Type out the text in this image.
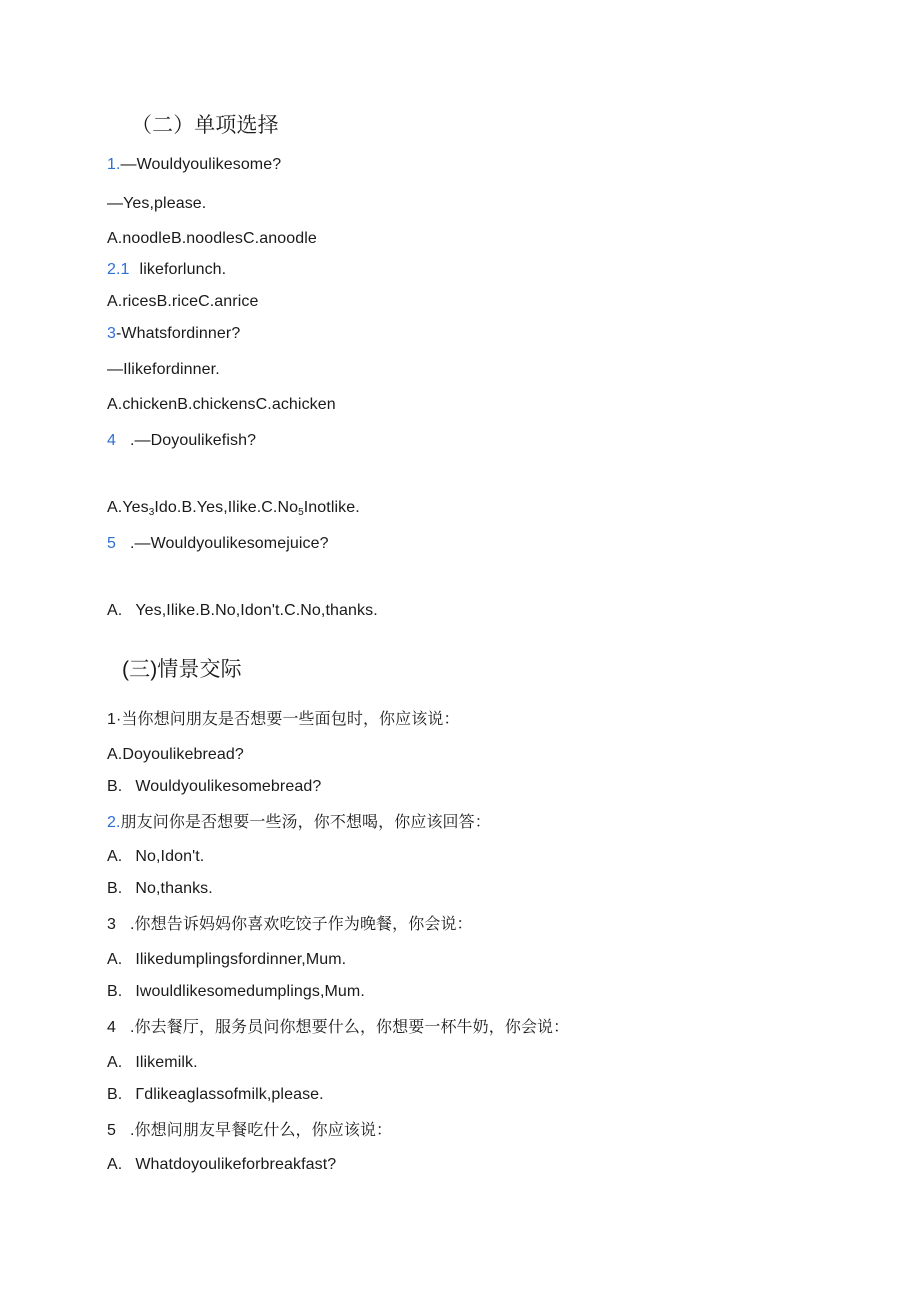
（二）单项选择
1.—Wouldyoulikesome?
—Yes,please.
A.noodleB.noodlesC.anoodle
2.1 likeforlunch.
A.ricesB.riceC.anrice
3-Whatsfordinner?
—Ilikefordinner.
A.chickenB.chickensC.achicken
4 .—Doyoulikefish?
$A.Yes_3Ido.B.Yes,Ilike.C.No_5Inotlike$.
5 .—Wouldyoulikesomejuice?
A. Yes,Ilike.B.No,Idon't.C.No,thanks.
(三)情景交际
1·当你想问朋友是否想要一些面包时，你应该说：
A.Doyoulikebread?
B. Wouldyoulikesomebread?
2.朋友问你是否想要一些汤，你不想喝，你应该回答：
A. No,Idon't.
B. No,thanks.
3 .你想告诉妈妈你喜欢吃饺子作为晚餐，你会说：
A. Ilikedumplingsfordinner,Mum.
B. Iwouldlikesomedumplings,Mum.
4 .你去餐厅，服务员问你想要什么，你想要一杯牛奶，你会说：
A. Ilikemilk.
B. Γdlikeaglassofmilk,please.
5 .你想问朋友早餐吃什么，你应该说：
A. Whatdoyoulikeforbreakfast?
